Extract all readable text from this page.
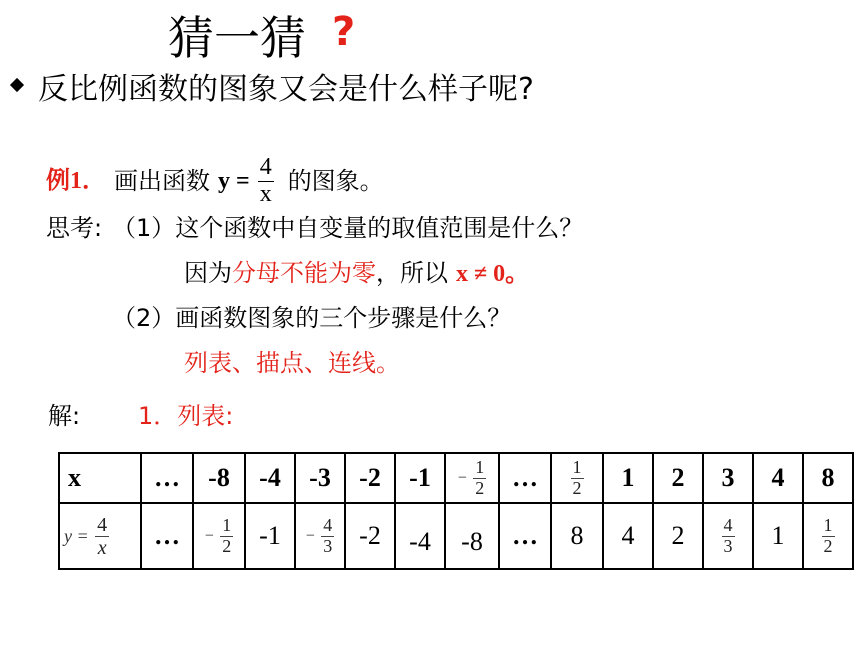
猜一猜 ?
反比例函数的图象又会是什么样子呢?
例1． 画出函数 $y = \frac{4}{x}$ 的图象。
思考: （1）这个函数中自变量的取值范围是什么？
因为分母不能为零，所以 x ≠ 0。
（2）画函数图象的三个步骤是什么？
列表、描点、连线。
解: 1．列表:
x	…	-8	-4	-3	-2	-1	− $\frac{1}{2}$	…	$\frac{1}{2}$	1	2	3	4	8
$y = \frac{4}{x}$	…	− $\frac{1}{2}$	-1	− $\frac{4}{3}$	-2	-4	-8	…	8	4	2	$\frac{4}{3}$	1	$\frac{1}{2}$
